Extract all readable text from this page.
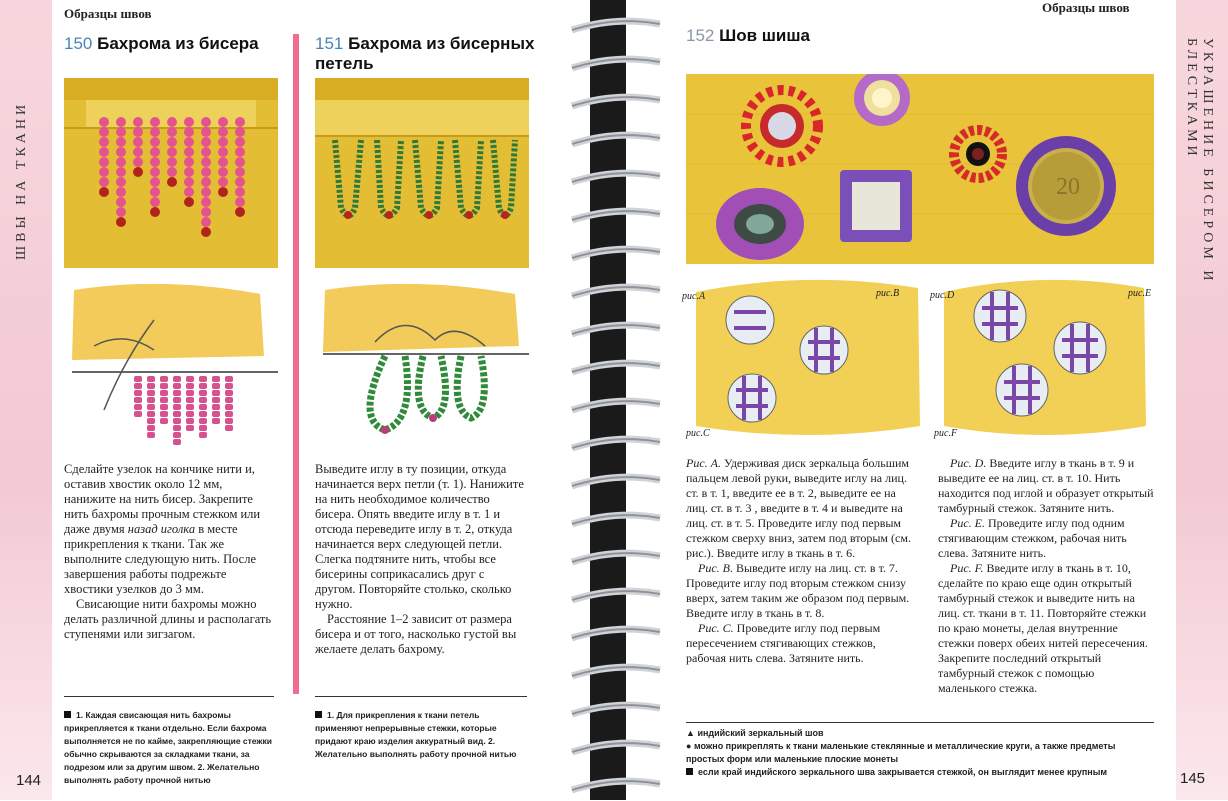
ШВЫ НА ТКАНИ	УКРАШЕНИЕ БИСЕРОМ И БЛЕСТКАМИ
Образцы швов	Образцы швов
150 Бахрома из бисера	151 Бахрома из бисерных
петель

Сделайте узелок на кончике нити и, оставив хвостик около 12 мм, нанижите на нить бисер. Закрепите нить бахромы прочным стежком или даже двумя назад иголка в месте прикрепления к ткани. Так же выполните следующую нить. После завершения работы подрежьте хвостики узелков до 3 мм.

Свисающие нити бахромы можно делать различной длины и располагать ступенями или зигзагом.

Выведите иглу в ту позиции, откуда начинается верх петли (т. 1). Нанижите на нить необходимое количество бисера. Опять введите иглу в т. 1 и отсюда переведите иглу в т. 2, откуда начинается верх следующей петли. Слегка подтяните нить, чтобы все бисерины соприкасались друг с другом. Повторяйте столько, сколько нужно.

Расстояние 1–2 зависит от размера бисера и от того, насколько густой вы желаете делать бахрому.

1. Каждая свисающая нить бахромы прикрепляется к ткани отдельно. Если бахрома выполняется не по кайме, закрепляющие стежки обычно скрываются за складками ткани, за подрезом или за другим швом. 2. Желательно выполнять работу прочной нитью
1. Для прикрепления к ткани петель применяют непрерывные стежки, которые придают краю изделия аккуратный вид. 2. Желательно выполнять работу прочной нитью
144	145
152 Шов шиша
20
рис.A	рис.B
рис.C
рис.D	рис.E
рис.F

Рис. A. Удерживая диск зеркальца большим пальцем левой руки, выведите иглу на лиц. ст. в т. 1, введите ее в т. 2, выведите ее на лиц. ст. в т. 3 , введите в т. 4 и выведите на лиц. ст. в т. 5. Проведите иглу под первым стежком сверху вниз, затем под вторым (см. рис.). Введите иглу в ткань в т. 6.

Рис. B. Выведите иглу на лиц. ст. в т. 7. Проведите иглу под вторым стежком снизу вверх, затем таким же образом под первым. Введите иглу в ткань в т. 8.

Рис. C. Проведите иглу под первым пересечением стягивающих стежков, рабочая нить слева. Затяните нить.

Рис. D. Введите иглу в ткань в т. 9 и выведите ее на лиц. ст. в т. 10. Нить находится под иглой и образует открытый тамбурный стежок. Затяните нить.

Рис. E. Проведите иглу под одним стягивающим стежком, рабочая нить слева. Затяните нить.

Рис. F. Введите иглу в ткань в т. 10, сделайте по краю еще один открытый тамбурный стежок и выведите нить на лиц. ст. ткани в т. 11. Повторяйте стежки по краю монеты, делая внутренние стежки поверх обеих нитей пересечения. Закрепите последний открытый тамбурный стежок с помощью маленького стежка.

▲ индийский зеркальный шов
● можно прикреплять к ткани маленькие стеклянные и металлические круги, а также предметы простых форм или маленькие плоские монеты
если край индийского зеркального шва закрывается стежкой, он выглядит менее крупным
